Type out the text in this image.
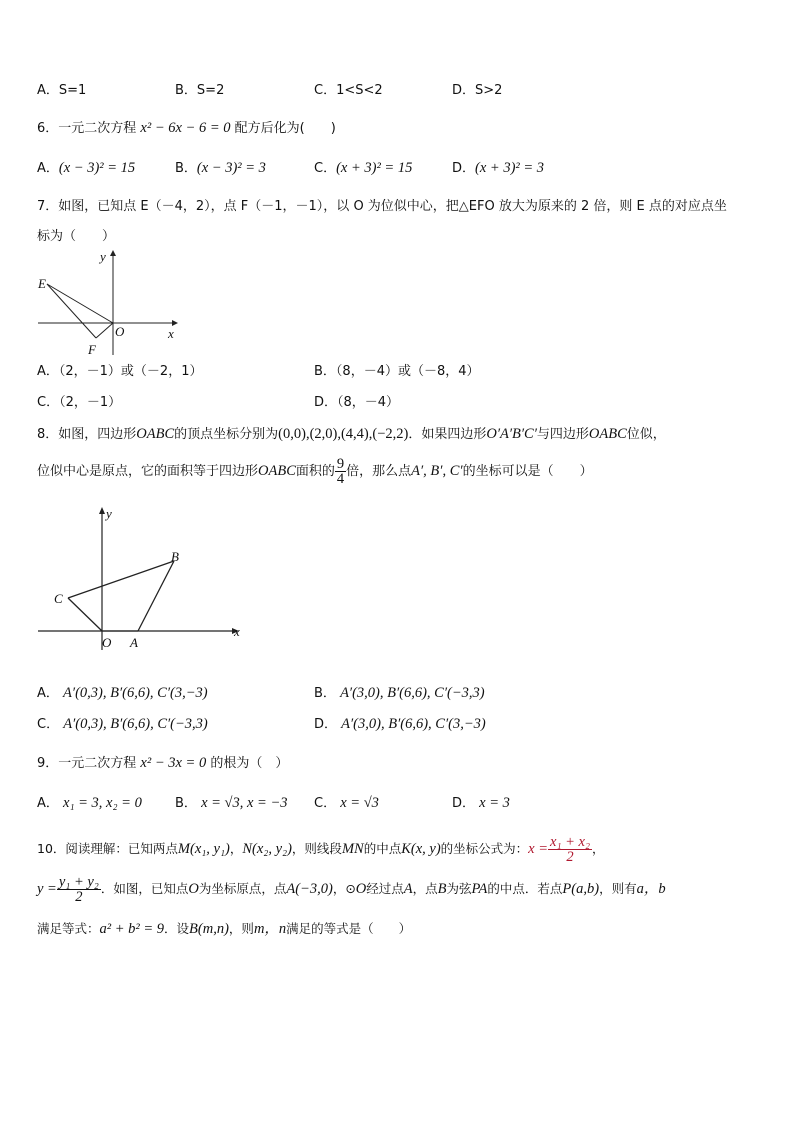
A．S=1	B．S=2	C．1<S<2	D．S>2
6．一元二次方程 x² − 6x − 6 = 0 配方后化为(　　)
A．(x − 3)² = 15	B．(x − 3)² = 3	C．(x + 3)² = 15	D．(x + 3)² = 3
7．如图，已知点 E（－4，2），点 F（－1，－1），以 O 为位似中心，把△EFO 放大为原来的 2 倍，则 E 点的对应点坐
标为（　　）
y
x
E
O
F
A．（2，－1）或（－2，1）	B．（8，－4）或（－8，4）
C．（2，－1）	D．（8，－4）
8．如图，四边形OABC的顶点坐标分别为(0,0),(2,0),(4,4),(−2,2)．如果四边形O′A′B′C′与四边形OABC位似，
位似中心是原点，它的面积等于四边形OABC面积的 $\frac{9}{4}$ 倍，那么点A′, B′, C′的坐标可以是（　　）
y
x
B
C
O A
A． A′(0,3), B′(6,6), C′(3,−3)	B． A′(3,0), B′(6,6), C′(−3,3)
C． A′(0,3), B′(6,6), C′(−3,3)	D． A′(3,0), B′(6,6), C′(3,−3)
9．一元二次方程 x² − 3x = 0 的根为（　）
A． x₁ = 3, x₂ = 0	B． x = √3, x = −3 C． x = √3	D． x = 3
10．阅读理解：已知两点M(x₁, y₁)，N(x₂, y₂)，则线段MN的中点K(x, y)的坐标公式为：$x = \frac{\text{x₁ + x₂}}{2}$ ，
$y = \frac{\text{y₁ + y₂}}{2}$ ．如图，已知点O为坐标原点，点A(−3,0)，⊙O经过点A，点B为弦PA的中点．若点P(a,b)，则有a，b
满足等式：a² + b² = 9．设B(m,n)，则m，n满足的等式是（　　）
